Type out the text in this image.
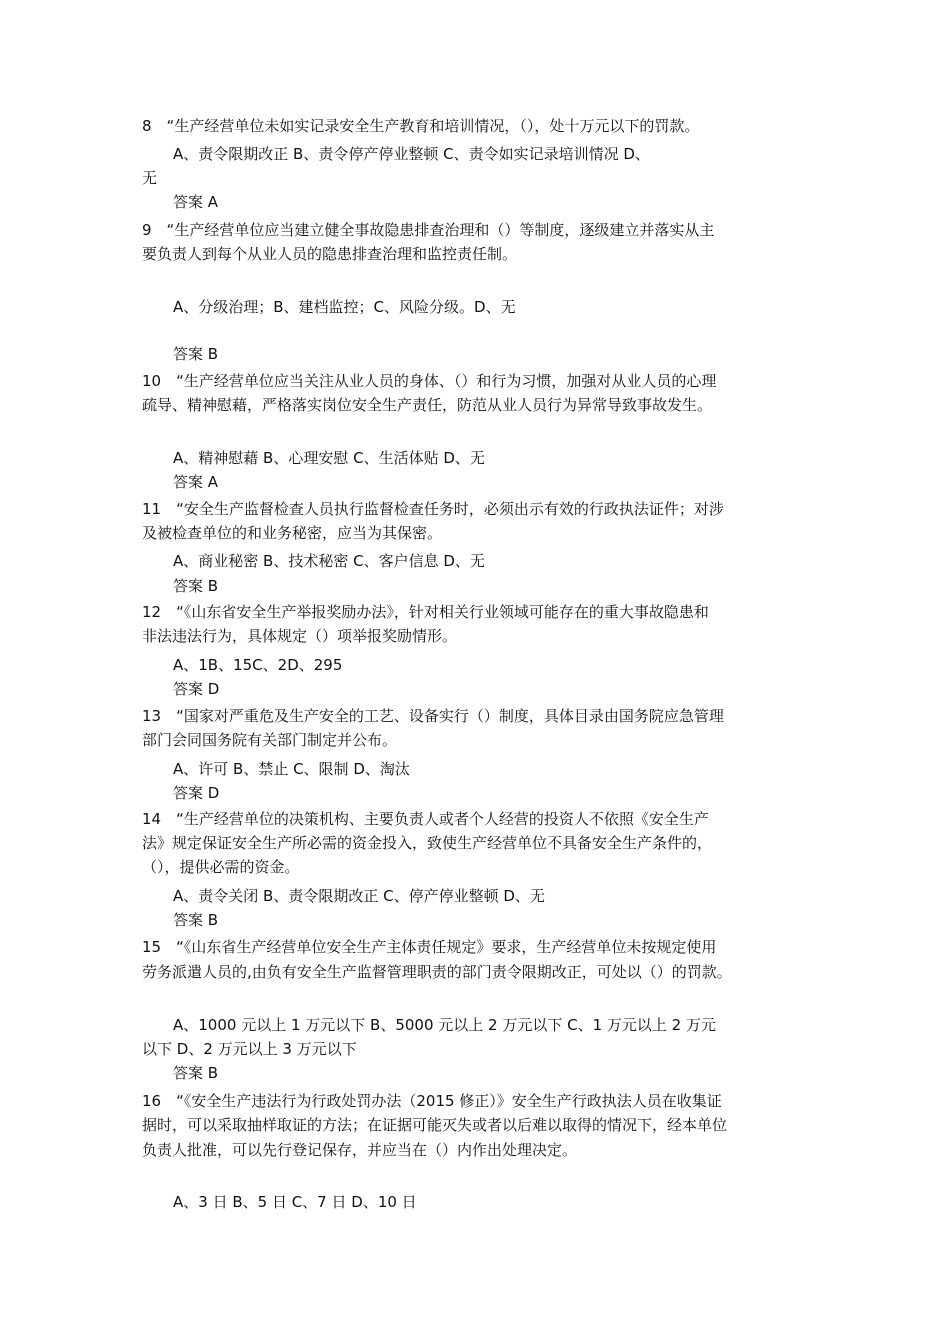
8　“生产经营单位未如实记录安全生产教育和培训情况，（），处十万元以下的罚款。
A、责令限期改正 B、责令停产停业整顿 C、责令如实记录培训情况 D、
无
答案 A
9　“生产经营单位应当建立健全事故隐患排查治理和（）等制度，逐级建立并落实从主
要负责人到每个从业人员的隐患排查治理和监控责任制。
A、分级治理；B、建档监控；C、风险分级。D、无
答案 B
10　“生产经营单位应当关注从业人员的身体、（）和行为习惯，加强对从业人员的心理
疏导、精神慰藉，严格落实岗位安全生产责任，防范从业人员行为异常导致事故发生。
A、精神慰藉 B、心理安慰 C、生活体贴 D、无
答案 A
11　“安全生产监督检查人员执行监督检查任务时，必须出示有效的行政执法证件；对涉
及被检查单位的和业务秘密，应当为其保密。
A、商业秘密 B、技术秘密 C、客户信息 D、无
答案 B
12　“《山东省安全生产举报奖励办法》，针对相关行业领域可能存在的重大事故隐患和
非法违法行为，具体规定（）项举报奖励情形。
A、1B、15C、2D、295
答案 D
13　“国家对严重危及生产安全的工艺、设备实行（）制度，具体目录由国务院应急管理
部门会同国务院有关部门制定并公布。
A、许可 B、禁止 C、限制 D、淘汰
答案 D
14　“生产经营单位的决策机构、主要负责人或者个人经营的投资人不依照《安全生产
法》规定保证安全生产所必需的资金投入，致使生产经营单位不具备安全生产条件的，
（），提供必需的资金。
A、责令关闭 B、责令限期改正 C、停产停业整顿 D、无
答案 B
15　“《山东省生产经营单位安全生产主体责任规定》要求，生产经营单位未按规定使用
劳务派遣人员的,由负有安全生产监督管理职责的部门责令限期改正，可处以（）的罚款。
A、1000 元以上 1 万元以下 B、5000 元以上 2 万元以下 C、1 万元以上 2 万元
以下 D、2 万元以上 3 万元以下
答案 B
16　“《安全生产违法行为行政处罚办法（2015 修正）》安全生产行政执法人员在收集证
据时，可以采取抽样取证的方法；在证据可能灭失或者以后难以取得的情况下，经本单位
负责人批准，可以先行登记保存，并应当在（）内作出处理决定。
A、3 日 B、5 日 C、7 日 D、10 日
